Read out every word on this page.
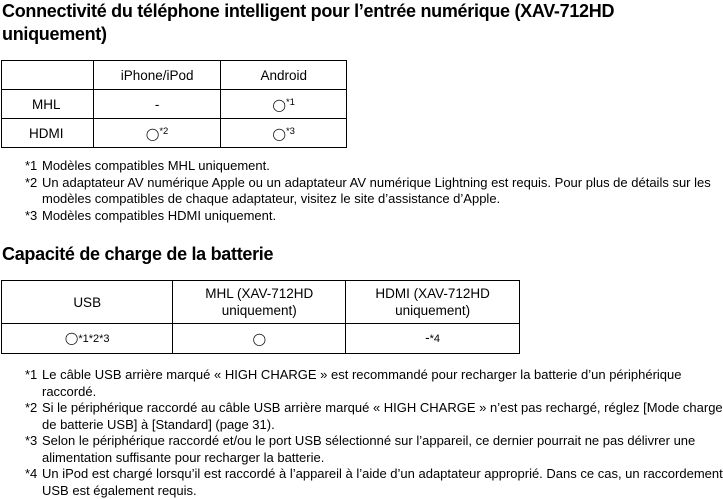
Connectivité du téléphone intelligent pour l’entrée numérique (XAV-712HD uniquement)
	iPhone/iPod	Android
MHL	-	◯$^{*1}$
HDMI	◯$^{*2}$	◯$^{*3}$
*1 Modèles compatibles MHL uniquement.
*2 Un adaptateur AV numérique Apple ou un adaptateur AV numérique Lightning est requis. Pour plus de détails sur les modèles compatibles de chaque adaptateur, visitez le site d’assistance d’Apple.
*3 Modèles compatibles HDMI uniquement.
Capacité de charge de la batterie
USB	MHL (XAV-712HD uniquement)	HDMI (XAV-712HD uniquement)
◯*1*2*3	◯	-*4
*1 Le câble USB arrière marqué « HIGH CHARGE » est recommandé pour recharger la batterie d’un périphérique raccordé.
*2 Si le périphérique raccordé au câble USB arrière marqué « HIGH CHARGE » n’est pas rechargé, réglez [Mode charge de batterie USB] à [Standard] (page 31).
*3 Selon le périphérique raccordé et/ou le port USB sélectionné sur l’appareil, ce dernier pourrait ne pas délivrer une alimentation suffisante pour recharger la batterie.
*4 Un iPod est chargé lorsqu’il est raccordé à l’appareil à l’aide d’un adaptateur approprié. Dans ce cas, un raccordement USB est également requis.
